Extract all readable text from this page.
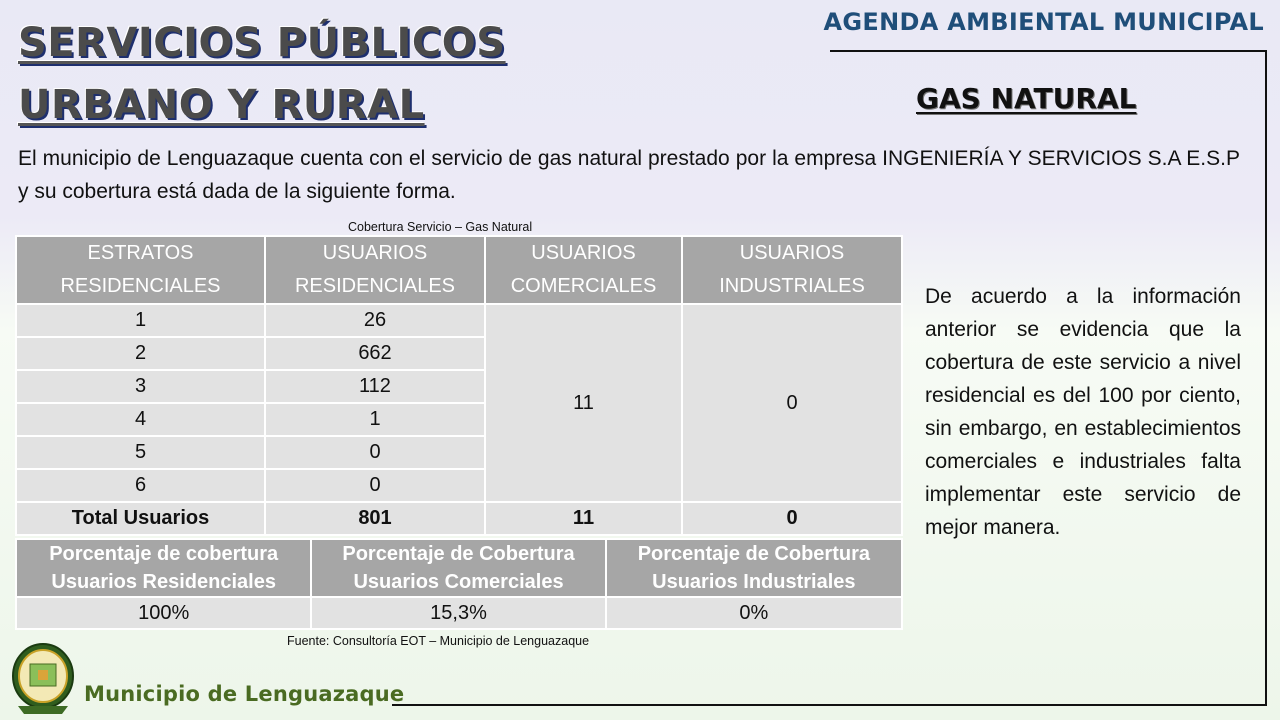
SERVICIOS PÚBLICOS
URBANO Y RURAL
AGENDA AMBIENTAL MUNICIPAL
GAS NATURAL
El municipio de Lenguazaque cuenta con el servicio de gas natural prestado por la empresa INGENIERÍA Y SERVICIOS S.A E.S.P y su cobertura está dada de la siguiente forma.
Cobertura Servicio – Gas Natural
ESTRATOS RESIDENCIALES	USUARIOS RESIDENCIALES	USUARIOS COMERCIALES	USUARIOS INDUSTRIALES
1	26	11	0
2	662		
3	112		
4	1		
5	0		
6	0		
Total Usuarios	801	11	0
Porcentaje de cobertura Usuarios Residenciales	Porcentaje de Cobertura Usuarios Comerciales	Porcentaje de Cobertura Usuarios Industriales
100%	15,3%	0%
Fuente: Consultoría EOT – Municipio de Lenguazaque
De acuerdo a la información anterior se evidencia que la cobertura de este servicio a nivel residencial es del 100 por ciento, sin embargo, en establecimientos comerciales e industriales falta implementar este servicio de mejor manera.
Municipio de Lenguazaque
